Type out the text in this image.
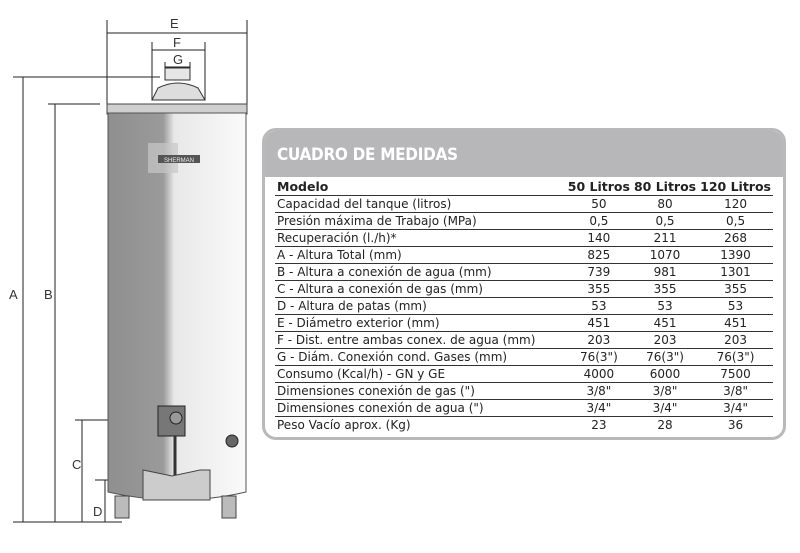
SHERMAN
E
F
G
A B
C
D
CUADRO DE MEDIDAS
Modelo	50 Litros	80 Litros	120 Litros
Capacidad del tanque (litros)	50	80	120
Presión máxima de Trabajo (MPa)	0,5	0,5	0,5
Recuperación (l./h)*	140	211	268
A - Altura Total (mm)	825	1070	1390
B - Altura a conexión de agua (mm)	739	981	1301
C - Altura a conexión de gas (mm)	355	355	355
D - Altura de patas (mm)	53	53	53
E - Diámetro exterior (mm)	451	451	451
F - Dist. entre ambas conex. de agua (mm)	203	203	203
G - Diám. Conexión cond. Gases (mm)	76(3")	76(3")	76(3")
Consumo (Kcal/h) - GN y GE	4000	6000	7500
Dimensiones conexión de gas (")	3/8"	3/8"	3/8"
Dimensiones conexión de agua (")	3/4"	3/4"	3/4"
Peso Vacío aprox. (Kg)	23	28	36
